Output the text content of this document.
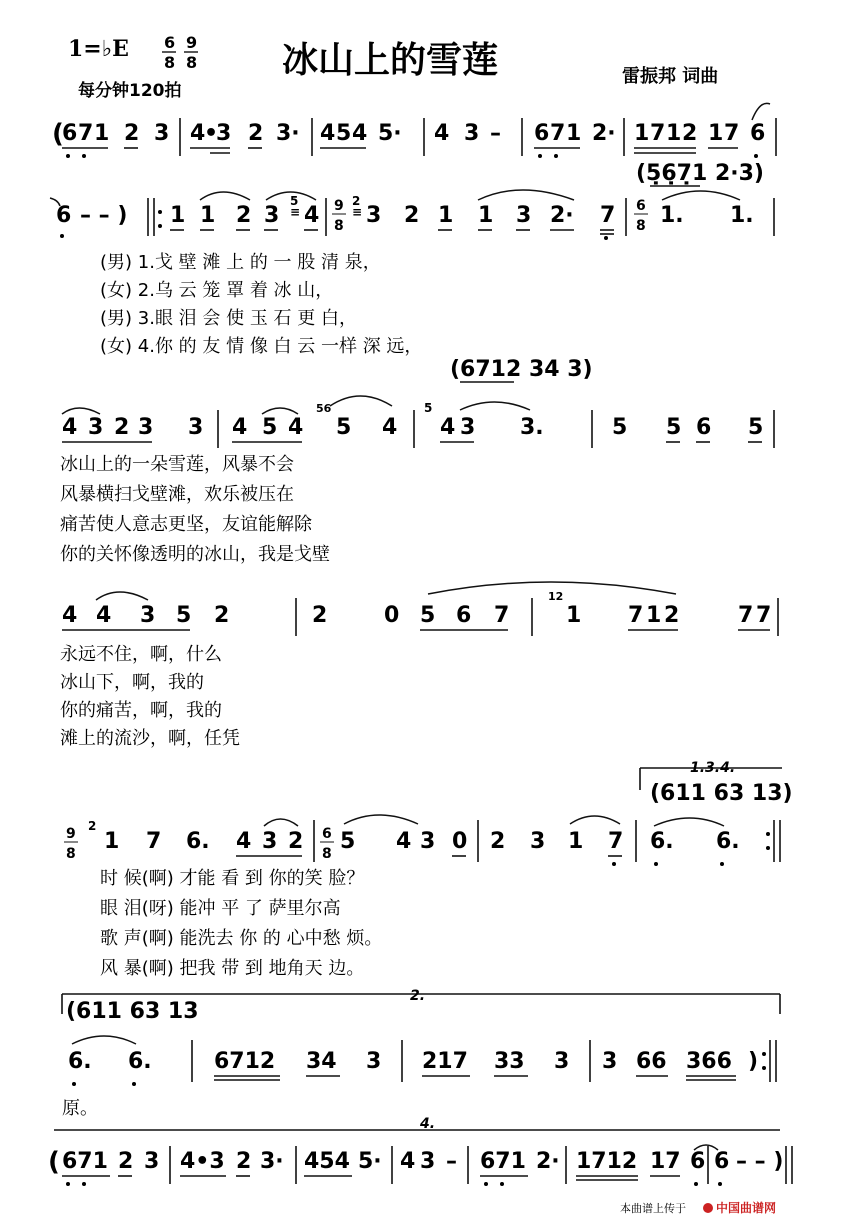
1=♭E 6
8
9
8
每分钟120拍
冰山上的雪莲	雷振邦 词曲
(
6 7 1 2 3 4
•
3 2 3· 4 5 4 5· 4 3 – 6 7 1 2· 1 7 1 2 1 7 6
(5̣6̣7̣1 2·3)
6 – – ) 1 1 2 3
5
≡ 4 9
8
2
≡ 3 2 1 1 3 2· 7 6
8 1. 1.
(男) 1.戈 壁 滩 上 的 一 股 清 泉，
(女) 2.乌 云 笼 罩 着 冰 山，
(男) 3.眼 泪 会 使 玉 石 更 白，
(女) 4.你 的 友 情 像 白 云 一样 深 远，
(6712 34 3)
4 3 2 3 3 4 5 4
56
5 4
5
4 3 3.	5 5 6 5
冰山上的一朵雪莲，风暴不会
风暴横扫戈壁滩，欢乐被压在
痛苦使人意志更坚，友谊能解除
你的关怀像透明的冰山，我是戈壁
4 4 3 5 2	2	0 5 6 7
12
1 7 1 2	7 7
永远不住，啊，什么
冰山下，啊，我的
你的痛苦，啊，我的
滩上的流沙，啊，任凭
1.3.4.
(611 63 13)
9
8
2
1 7 6. 4 3 2 6
8 5 4 3 0 2 3 1 7 6. 6.
时 候(啊) 才能 看 到 你的笑 脸？
眼 泪(呀) 能冲 平 了 萨里尔高
歌 声(啊) 能洗去 你 的 心中愁 烦。
风 暴(啊) 把我 带 到 地角天 边。
2.
(611 63 13
6. 6.	6712 34 3 217 33 3 3 66 366 )
原。
4.
( 671 2 3 4•3 2 3· 454 5· 4 3 – 671 2· 1712 17 6 6 – – )
本曲谱上传于	中国曲谱网
